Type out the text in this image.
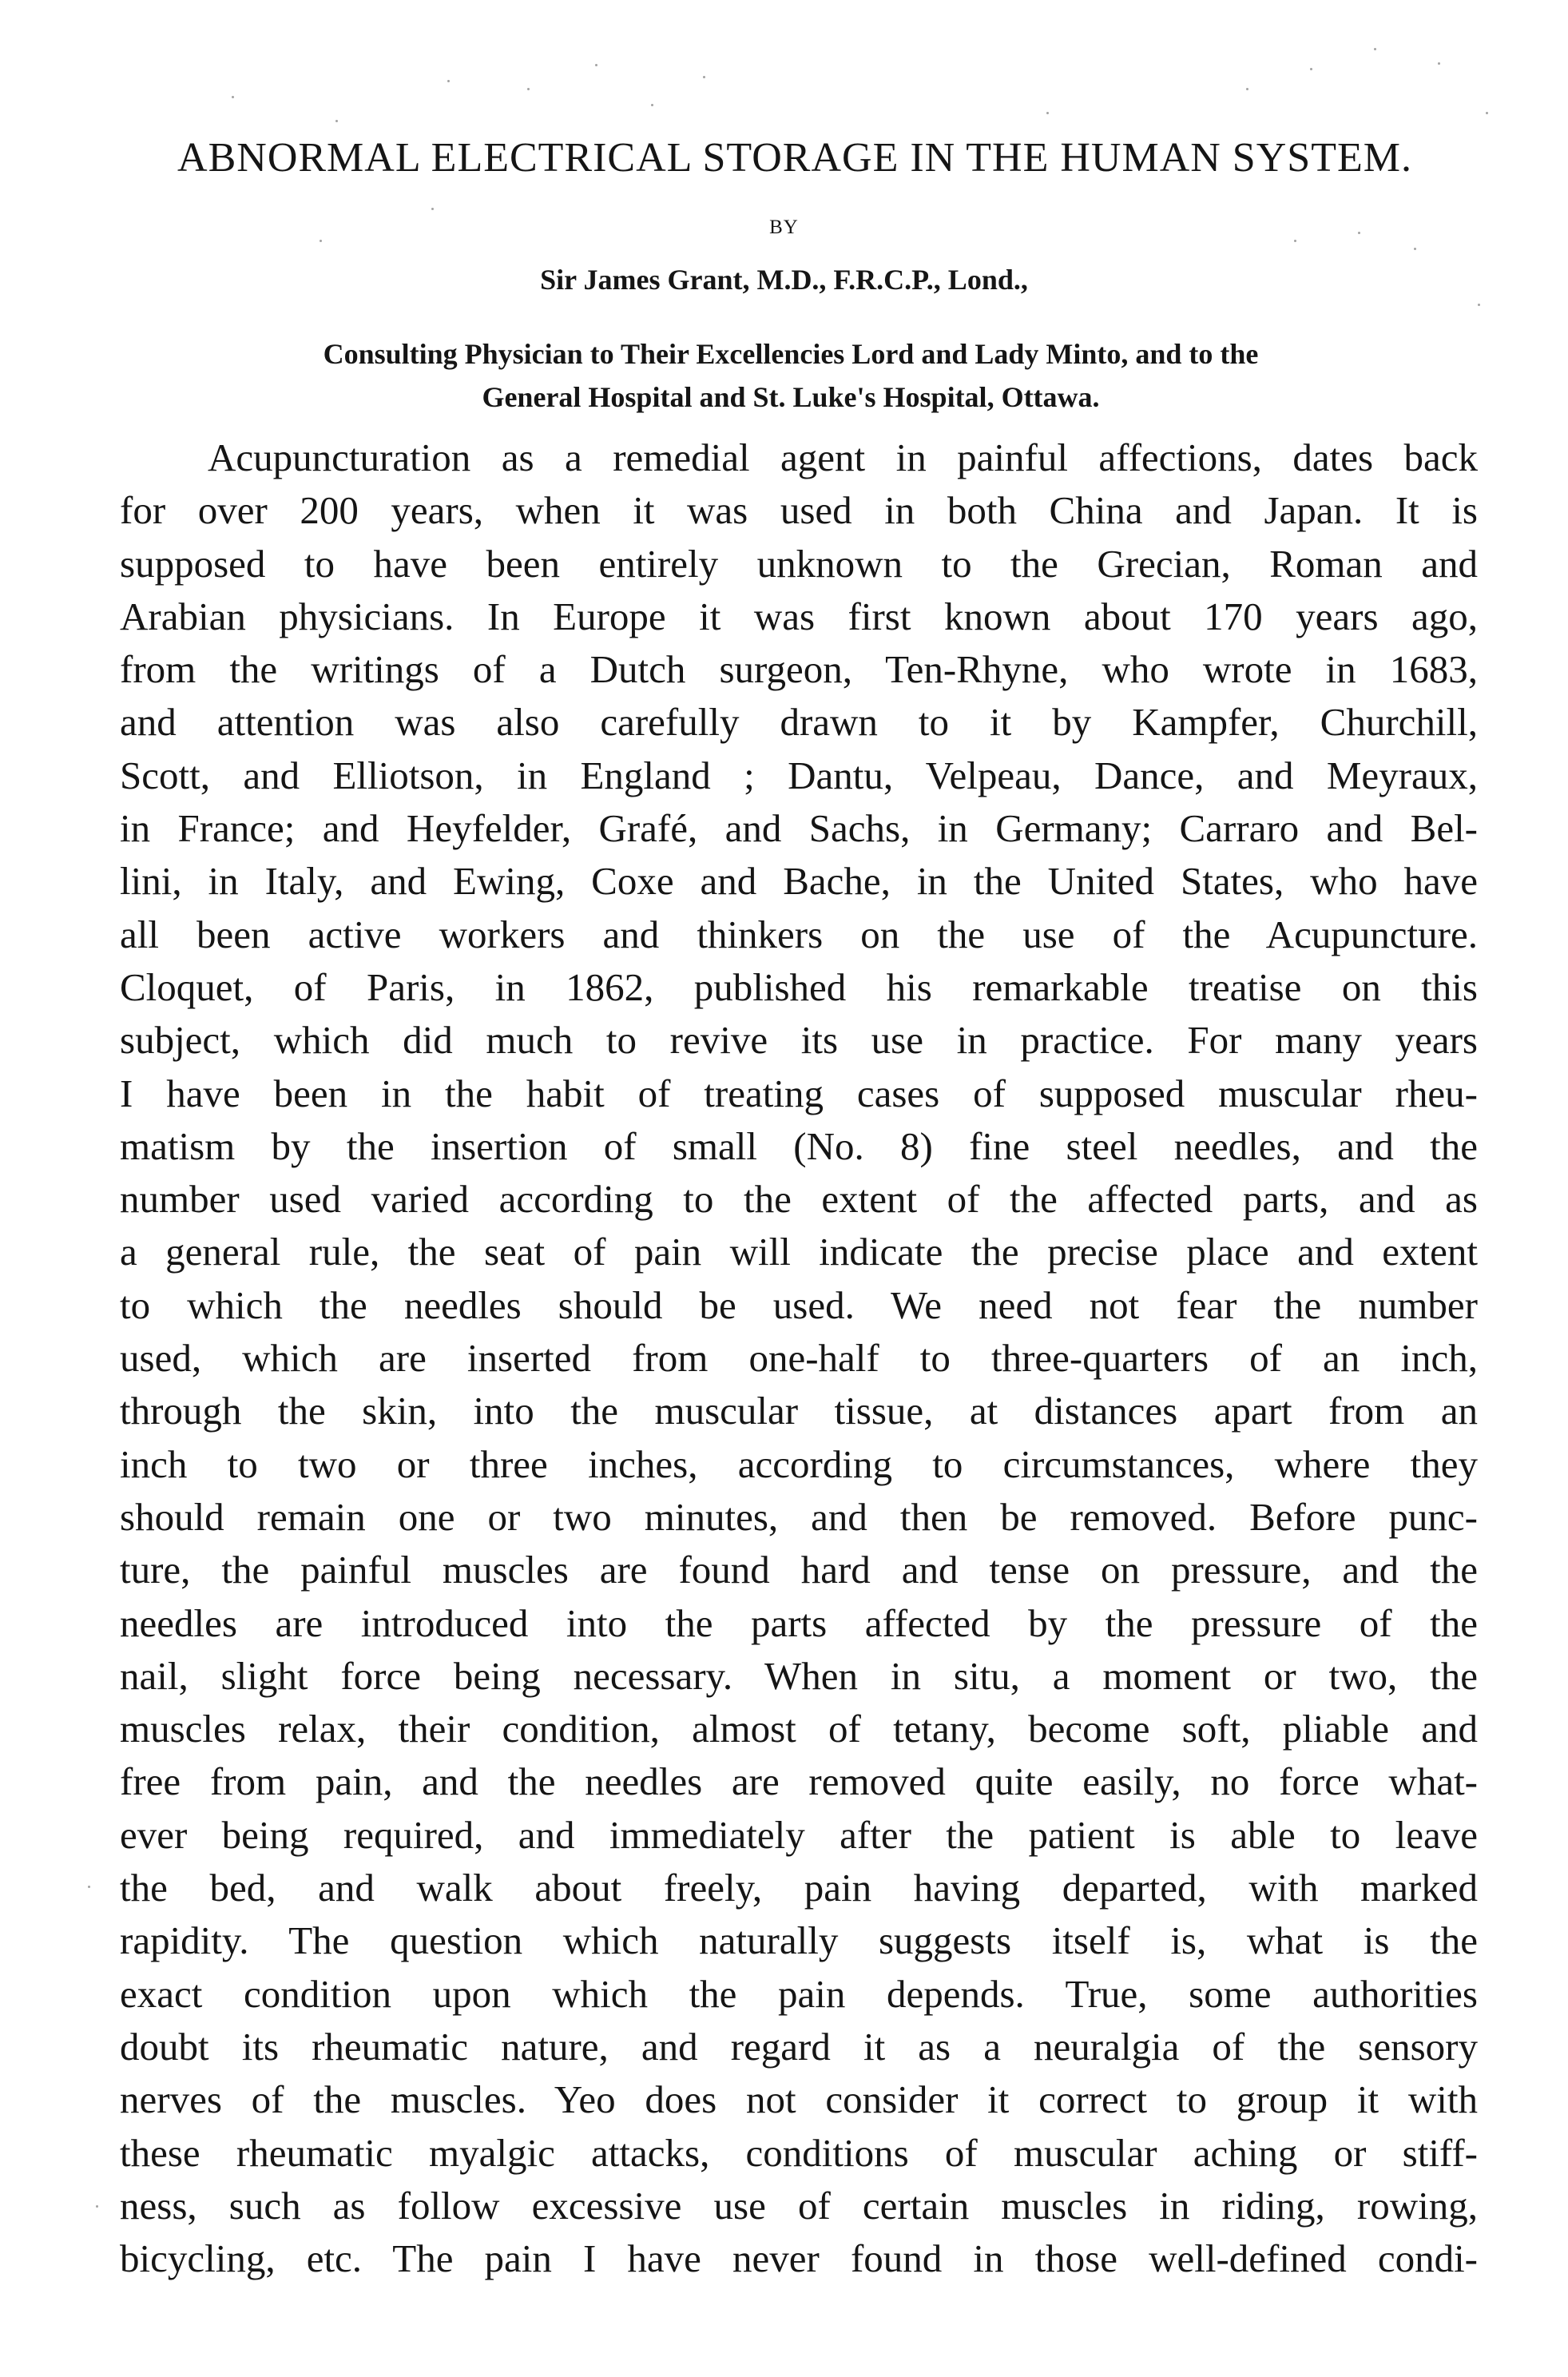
ABNORMAL ELECTRICAL STORAGE IN THE HUMAN SYSTEM.
BY
Sir James Grant, M.D., F.R.C.P., Lond.,

Consulting Physician to Their Excellencies Lord and Lady Minto, and to the

General Hospital and St. Luke's Hospital, Ottawa.

Acupuncturation as a remedial agent in painful affections, dates back
for over 200 years, when it was used in both China and Japan. It is
supposed to have been entirely unknown to the Grecian, Roman and
Arabian physicians. In Europe it was first known about 170 years ago,
from the writings of a Dutch surgeon, Ten-Rhyne, who wrote in 1683,
and attention was also carefully drawn to it by Kampfer, Churchill,
Scott, and Elliotson, in England ; Dantu, Velpeau, Dance, and Meyraux,
in France; and Heyfelder, Grafé, and Sachs, in Germany; Carraro and Bel-
lini, in Italy, and Ewing, Coxe and Bache, in the United States, who have
all been active workers and thinkers on the use of the Acupuncture.
Cloquet, of Paris, in 1862, published his remarkable treatise on this
subject, which did much to revive its use in practice. For many years
I have been in the habit of treating cases of supposed muscular rheu-
matism by the insertion of small (No. 8) fine steel needles, and the
number used varied according to the extent of the affected parts, and as
a general rule, the seat of pain will indicate the precise place and extent
to which the needles should be used. We need not fear the number
used, which are inserted from one-half to three-quarters of an inch,
through the skin, into the muscular tissue, at distances apart from an
inch to two or three inches, according to circumstances, where they
should remain one or two minutes, and then be removed. Before punc-
ture, the painful muscles are found hard and tense on pressure, and the
needles are introduced into the parts affected by the pressure of the
nail, slight force being necessary. When in situ, a moment or two, the
muscles relax, their condition, almost of tetany, become soft, pliable and
free from pain, and the needles are removed quite easily, no force what-
ever being required, and immediately after the patient is able to leave
the bed, and walk about freely, pain having departed, with marked
rapidity. The question which naturally suggests itself is, what is the
exact condition upon which the pain depends. True, some authorities
doubt its rheumatic nature, and regard it as a neuralgia of the sensory
nerves of the muscles. Yeo does not consider it correct to group it with
these rheumatic myalgic attacks, conditions of muscular aching or stiff-
ness, such as follow excessive use of certain muscles in riding, rowing,
bicycling, etc. The pain I have never found in those well-defined condi-
